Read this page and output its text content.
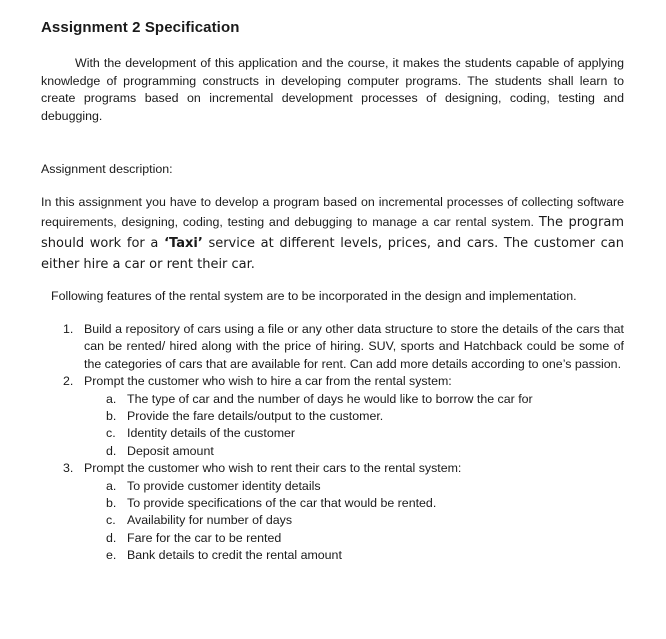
Assignment 2 Specification

With the development of this application and the course, it makes the students capable of applying knowledge of programming constructs in developing computer programs. The students shall learn to create programs based on incremental development processes of designing, coding, testing and debugging.

Assignment description:

In this assignment you have to develop a program based on incremental processes of collecting software requirements, designing, coding, testing and debugging to manage a car rental system. The program should work for a ‘Taxi’ service at different levels, prices, and cars. The customer can either hire a car or rent their car.

Following features of the rental system are to be incorporated in the design and implementation.

1. Build a repository of cars using a file or any other data structure to store the details of the cars that can be rented/ hired along with the price of hiring. SUV, sports and Hatchback could be some of the categories of cars that are available for rent. Can add more details according to one’s passion.
2. Prompt the customer who wish to hire a car from the rental system:
a. The type of car and the number of days he would like to borrow the car for
b. Provide the fare details/output to the customer.
c. Identity details of the customer
d. Deposit amount
3. Prompt the customer who wish to rent their cars to the rental system:
a. To provide customer identity details
b. To provide specifications of the car that would be rented.
c. Availability for number of days
d. Fare for the car to be rented
e. Bank details to credit the rental amount
